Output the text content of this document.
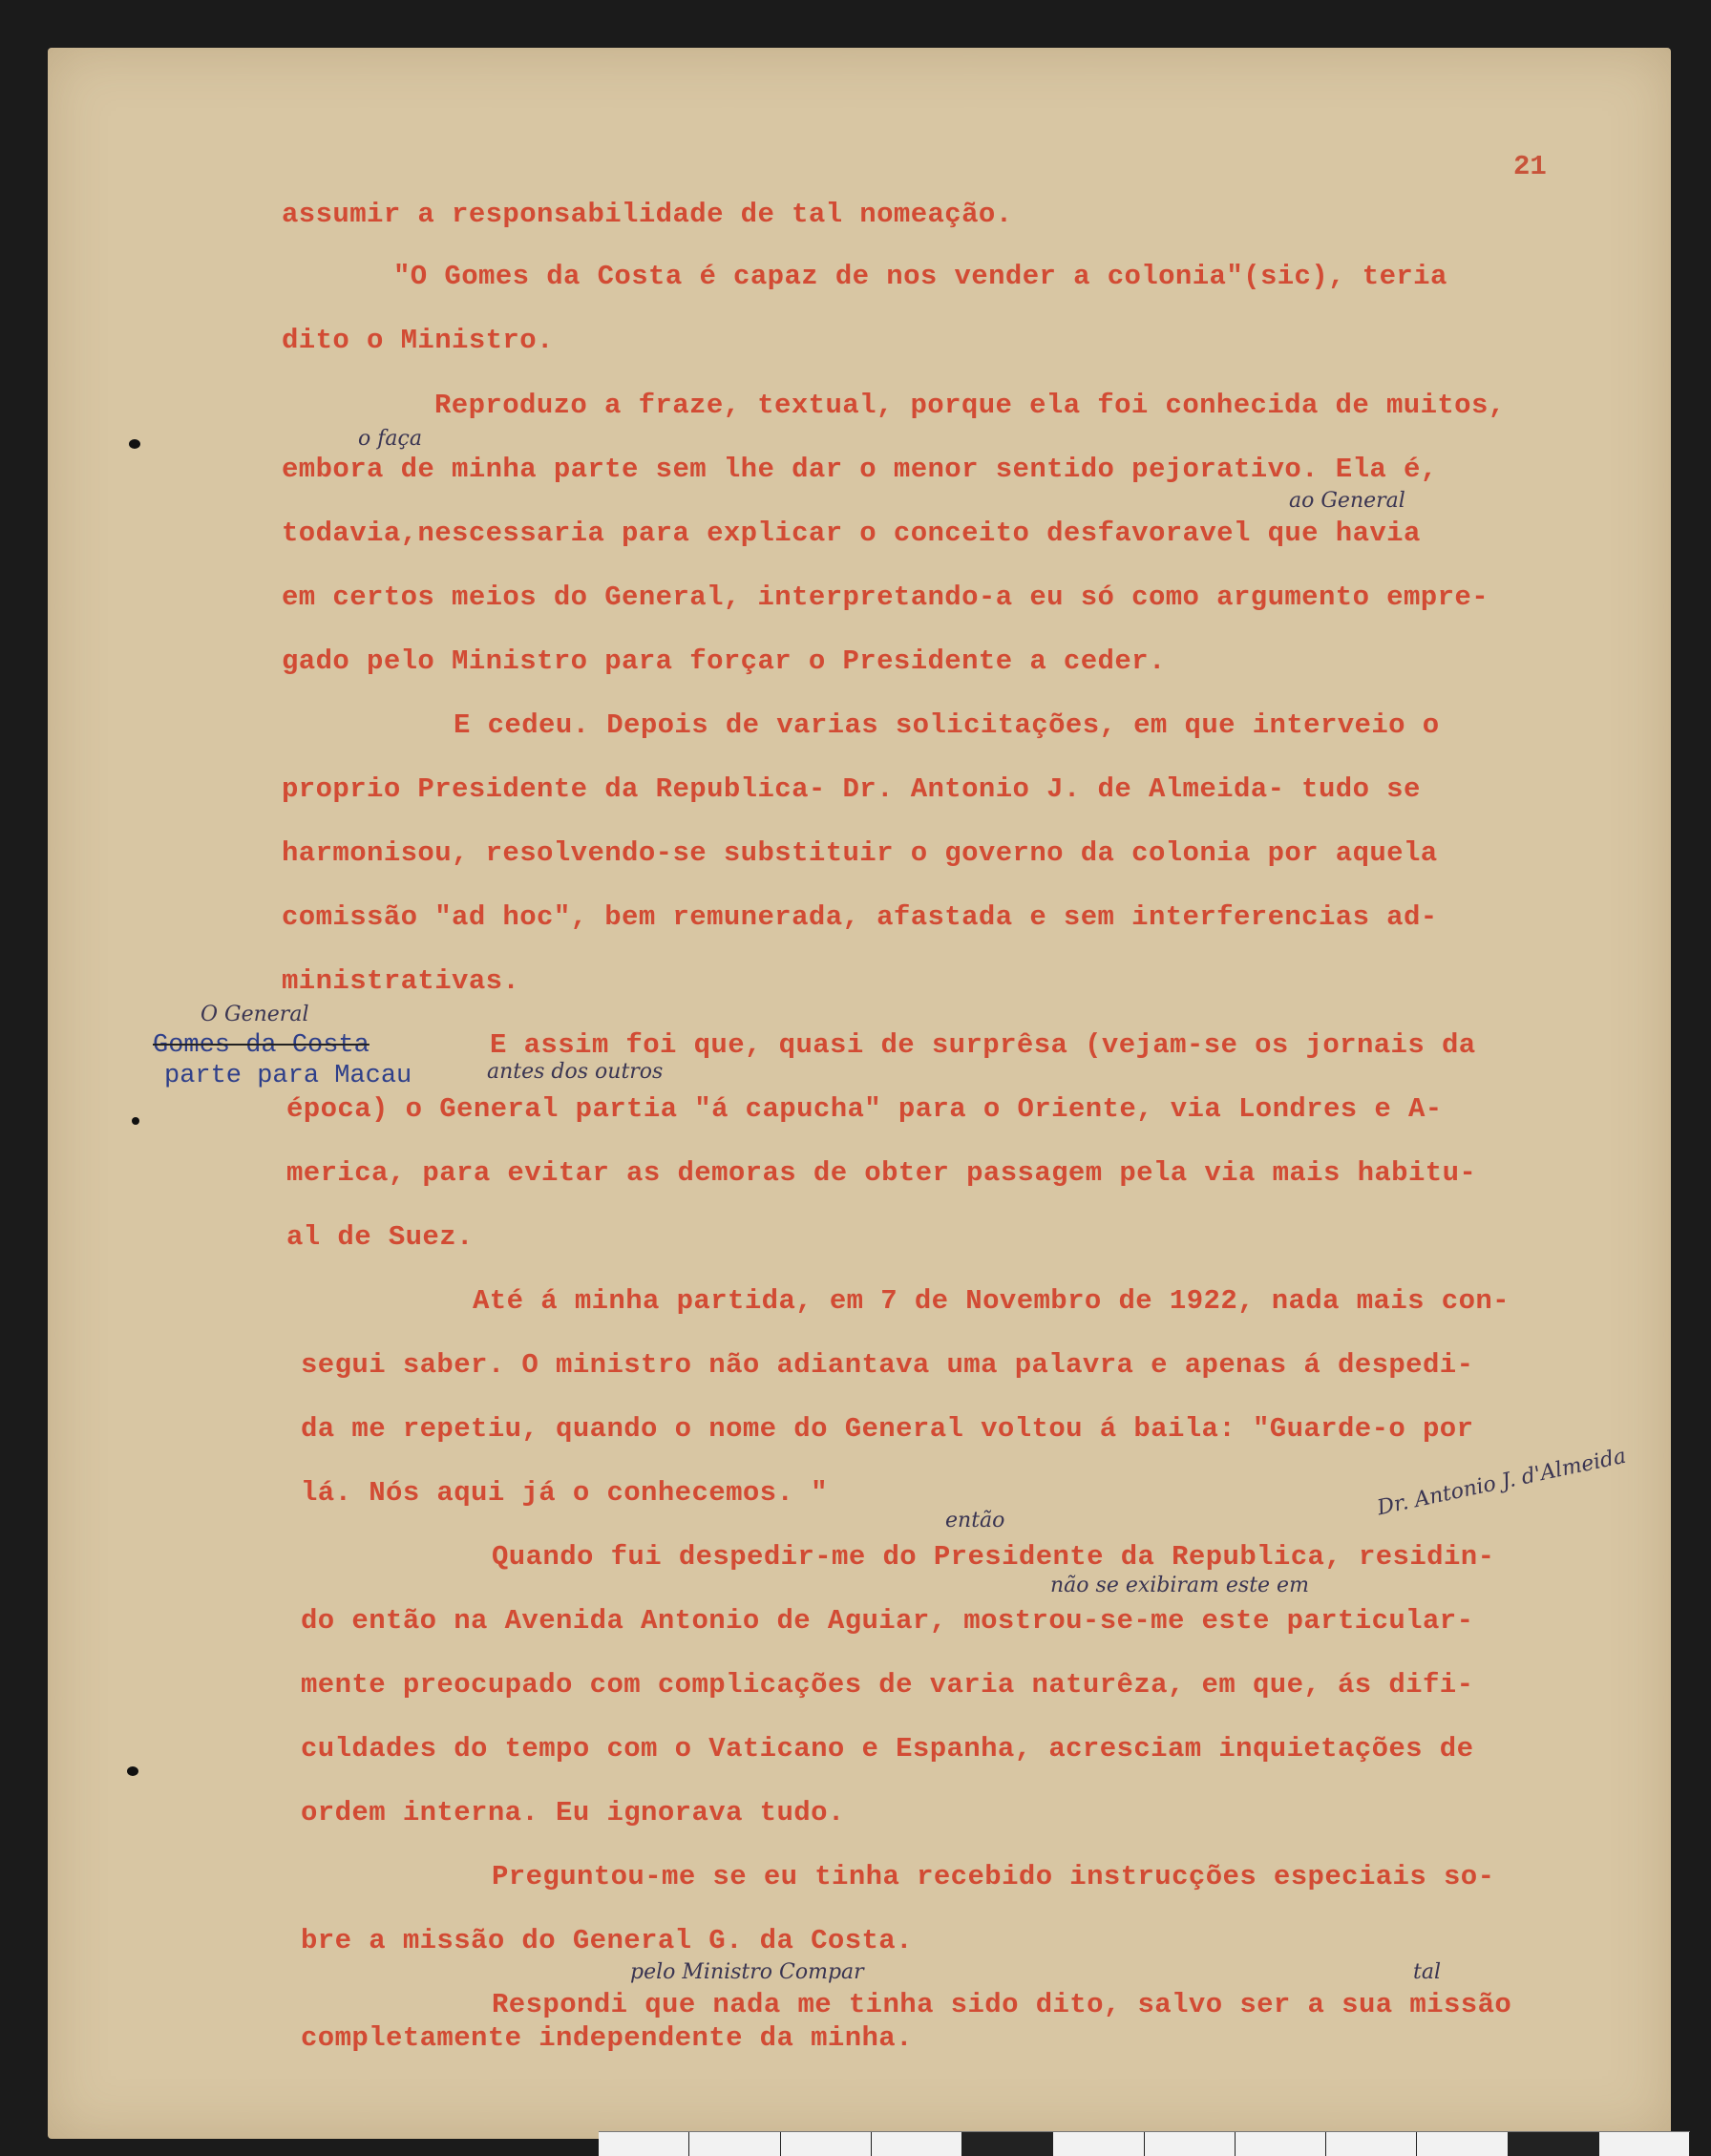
21
assumir a responsabilidade de tal nomeação.
"O Gomes da Costa é capaz de nos vender a colonia"(sic), teria
dito o Ministro.
Reproduzo a fraze, textual, porque ela foi conhecida de muitos,
embora de minha parte sem lhe dar o menor sentido pejorativo. Ela é,
todavia,nescessaria para explicar o conceito desfavoravel que havia
em certos meios do General, interpretando-a eu só como argumento empre-
gado pelo Ministro para forçar o Presidente a ceder.
E cedeu. Depois de varias solicitações, em que interveio o
proprio Presidente da Republica- Dr. Antonio J. de Almeida- tudo se
harmonisou, resolvendo-se substituir o governo da colonia por aquela
comissão "ad hoc", bem remunerada, afastada e sem interferencias ad-
ministrativas.
E assim foi que, quasi de surprêsa (vejam-se os jornais da
época) o General partia "á capucha" para o Oriente, via Londres e A-
merica, para evitar as demoras de obter passagem pela via mais habitu-
al de Suez.
Até á minha partida, em 7 de Novembro de 1922, nada mais con-
segui saber. O ministro não adiantava uma palavra e apenas á despedi-
da me repetiu, quando o nome do General voltou á baila: "Guarde-o por
lá. Nós aqui já o conhecemos. "
Quando fui despedir-me do Presidente da Republica, residin-
do então na Avenida Antonio de Aguiar, mostrou-se-me este particular-
mente preocupado com complicações de varia naturêza, em que, ás difi-
culdades do tempo com o Vaticano e Espanha, acresciam inquietações de
ordem interna. Eu ignorava tudo.
Preguntou-me se eu tinha recebido instrucções especiais so-
bre a missão do General G. da Costa.
Respondi que nada me tinha sido dito, salvo ser a sua missão
completamente independente da minha.
o faça
ao General
antes dos outros
Dr. Antonio J. d'Almeida
então
não se exibiram este em
pelo Ministro Compar	tal
O General
Gomes da Costa
parte para Macau
